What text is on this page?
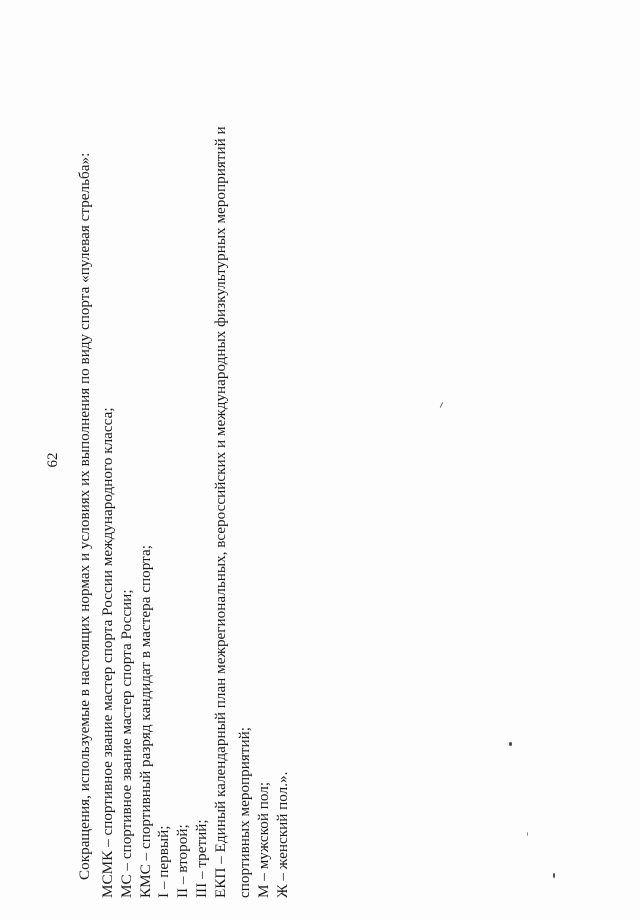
62 Сокращения, используемые в настоящих нормах и условиях их выполнения по виду спорта «пулевая стрельба»: МСМК – спортивное звание мастер спорта России международного класса; МС – спортивное звание мастер спорта России; КМС – спортивный разряд кандидат в мастера спорта; I – первый; II – второй; III – третий; ЕКП – Единый календарный план межрегиональных, всероссийских и международных физкультурных мероприятий и спортивных мероприятий; М – мужской пол; Ж – женский пол.».
